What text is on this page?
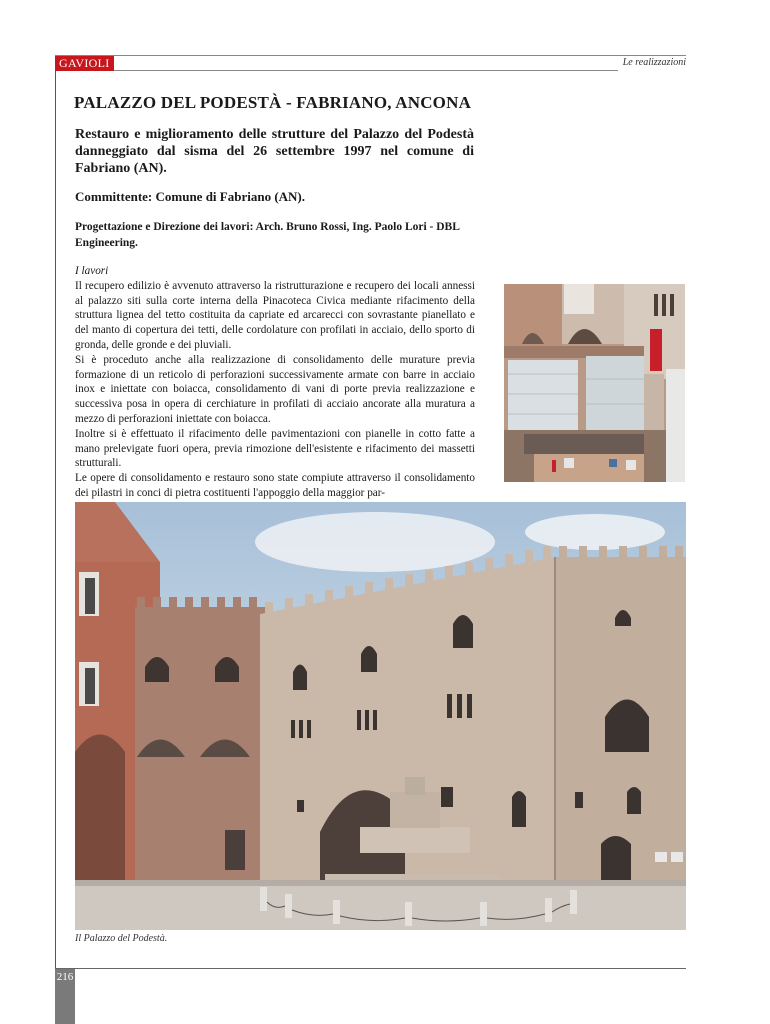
GAVIOLI	Le realizzazioni
PALAZZO DEL PODESTÀ - FABRIANO, ANCONA

Restauro e miglioramento delle strutture del Palazzo del Podestà danneggiato dal sisma del 26 settembre 1997 nel comune di Fabriano (AN).

Committente: Comune di Fabriano (AN).

Progettazione e Direzione dei lavori: Arch. Bruno Rossi, Ing. Paolo Lori - DBL Engineering.

I lavori
Il recupero edilizio è avvenuto attraverso la ristrutturazione e recupero dei locali annessi al palazzo siti sulla corte interna della Pinacoteca Civica mediante rifacimento della struttura lignea del tetto costituita da capriate ed arcarecci con sovrastante pianellato e del manto di copertura dei tetti, delle cordolature con profilati in acciaio, dello sporto di gronda, delle gronde e dei pluviali.
Si è proceduto anche alla realizzazione di consolidamento delle murature previa formazione di un reticolo di perforazioni successivamente armate con barre in acciaio inox e iniettate con boiacca, consolidamento di vani di porte previa realizzazione e successiva posa in opera di cerchiature in profilati di acciaio ancorate alla muratura a mezzo di perforazioni iniettate con boiacca.
Inoltre si è effettuato il rifacimento delle pavimentazioni con pianelle in cotto fatte a mano prelevigate fuori opera, previa rimozione dell'esistente e rifacimento dei massetti strutturali.
Le opere di consolidamento e restauro sono state compiute attraverso il consolidamento dei pilastri in conci di pietra costituenti l'appoggio della maggior par-
Il Palazzo del Podestà.
216
